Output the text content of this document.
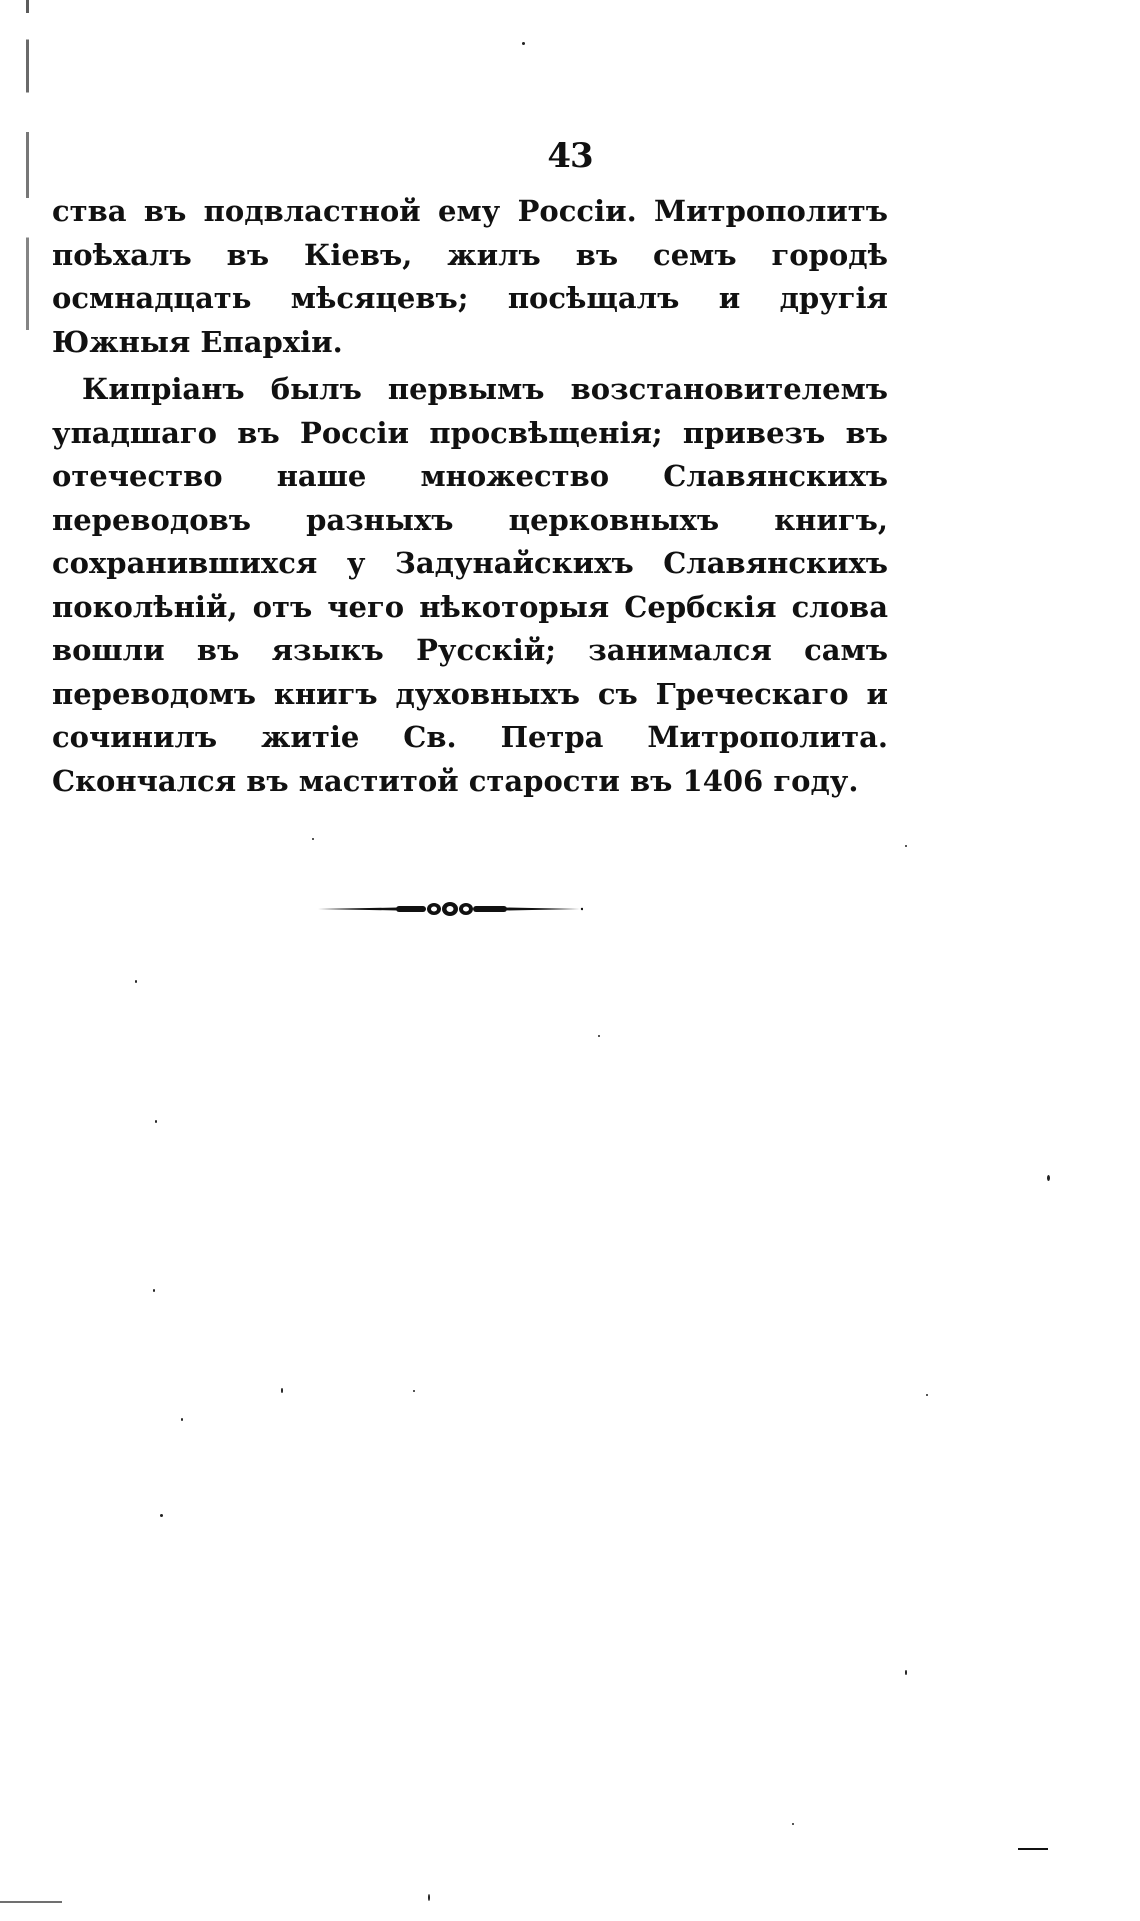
43

ства въ подвластной ему Россіи. Митрополитъ поѣхалъ въ Кіевъ, жилъ въ семъ городѣ осмнадцать мѣсяцевъ; посѣщалъ и другія Южныя Епархіи.

Кипріанъ былъ первымъ возстановителемъ упадшаго въ Россіи просвѣщенія; привезъ въ отечество наше множество Славянскихъ переводовъ разныхъ церковныхъ книгъ, сохранившихся у Задунайскихъ Славянскихъ поколѣній, отъ чего нѣкоторыя Сербскія слова вошли въ языкъ Русскій; занимался самъ переводомъ книгъ духовныхъ съ Греческаго и сочинилъ житіе Св. Петра Митрополита. Скончался въ маститой старости въ 1406 году.
